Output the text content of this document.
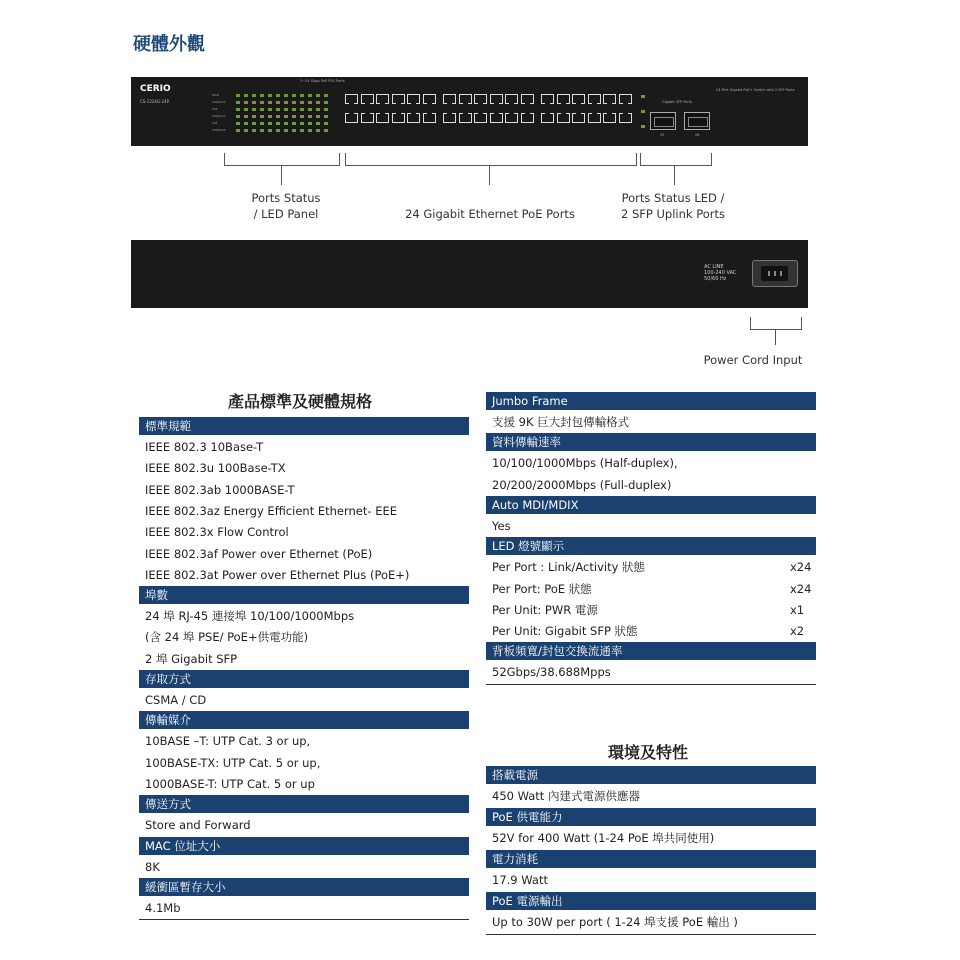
硬體外觀
CERIO
CS-1224G-24P
1~24 Gbps PoE PSE Ports
24 Port Gigabit PoE+ Switch with 2 SFP Ports
Gigabit SFP Ports
PWR
LINK/ACT
PoE
LINK/ACT
PoE
LINK/ACT
25	26
Ports Status
/ LED Panel	24 Gigabit Ethernet PoE Ports
Ports Status LED /
2 SFP Uplink Ports
AC LINE
100-240 VAC
50/60 Hz
Power Cord Input
產品標準及硬體規格
標準規範
IEEE 802.3 10Base-T
IEEE 802.3u 100Base-TX
IEEE 802.3ab 1000BASE-T
IEEE 802.3az Energy Efficient Ethernet- EEE
IEEE 802.3x Flow Control
IEEE 802.3af Power over Ethernet (PoE)
IEEE 802.3at Power over Ethernet Plus (PoE+)
埠數
24 埠 RJ-45 連接埠 10/100/1000Mbps
(含 24 埠 PSE/ PoE+供電功能)
2 埠 Gigabit SFP
存取方式
CSMA / CD
傳輸媒介
10BASE –T: UTP Cat. 3 or up,
100BASE-TX: UTP Cat. 5 or up,
1000BASE-T: UTP Cat. 5 or up
傳送方式
Store and Forward
MAC 位址大小
8K
緩衝區暫存大小
4.1Mb
Jumbo Frame
支援 9K 巨大封包傳輸格式
資料傳輸速率
10/100/1000Mbps (Half-duplex),
20/200/2000Mbps (Full-duplex)
Auto MDI/MDIX
Yes
LED 燈號顯示
Per Port : Link/Activity 狀態	x24
Per Port: PoE 狀態	x24
Per Unit: PWR 電源	x1
Per Unit: Gigabit SFP 狀態	x2
背板頻寬/封包交換流通率
52Gbps/38.688Mpps
環境及特性
搭載電源
450 Watt 內建式電源供應器
PoE 供電能力
52V for 400 Watt (1-24 PoE 埠共同使用)
電力消耗
17.9 Watt
PoE 電源輸出
Up to 30W per port ( 1-24 埠支援 PoE 輸出 )
